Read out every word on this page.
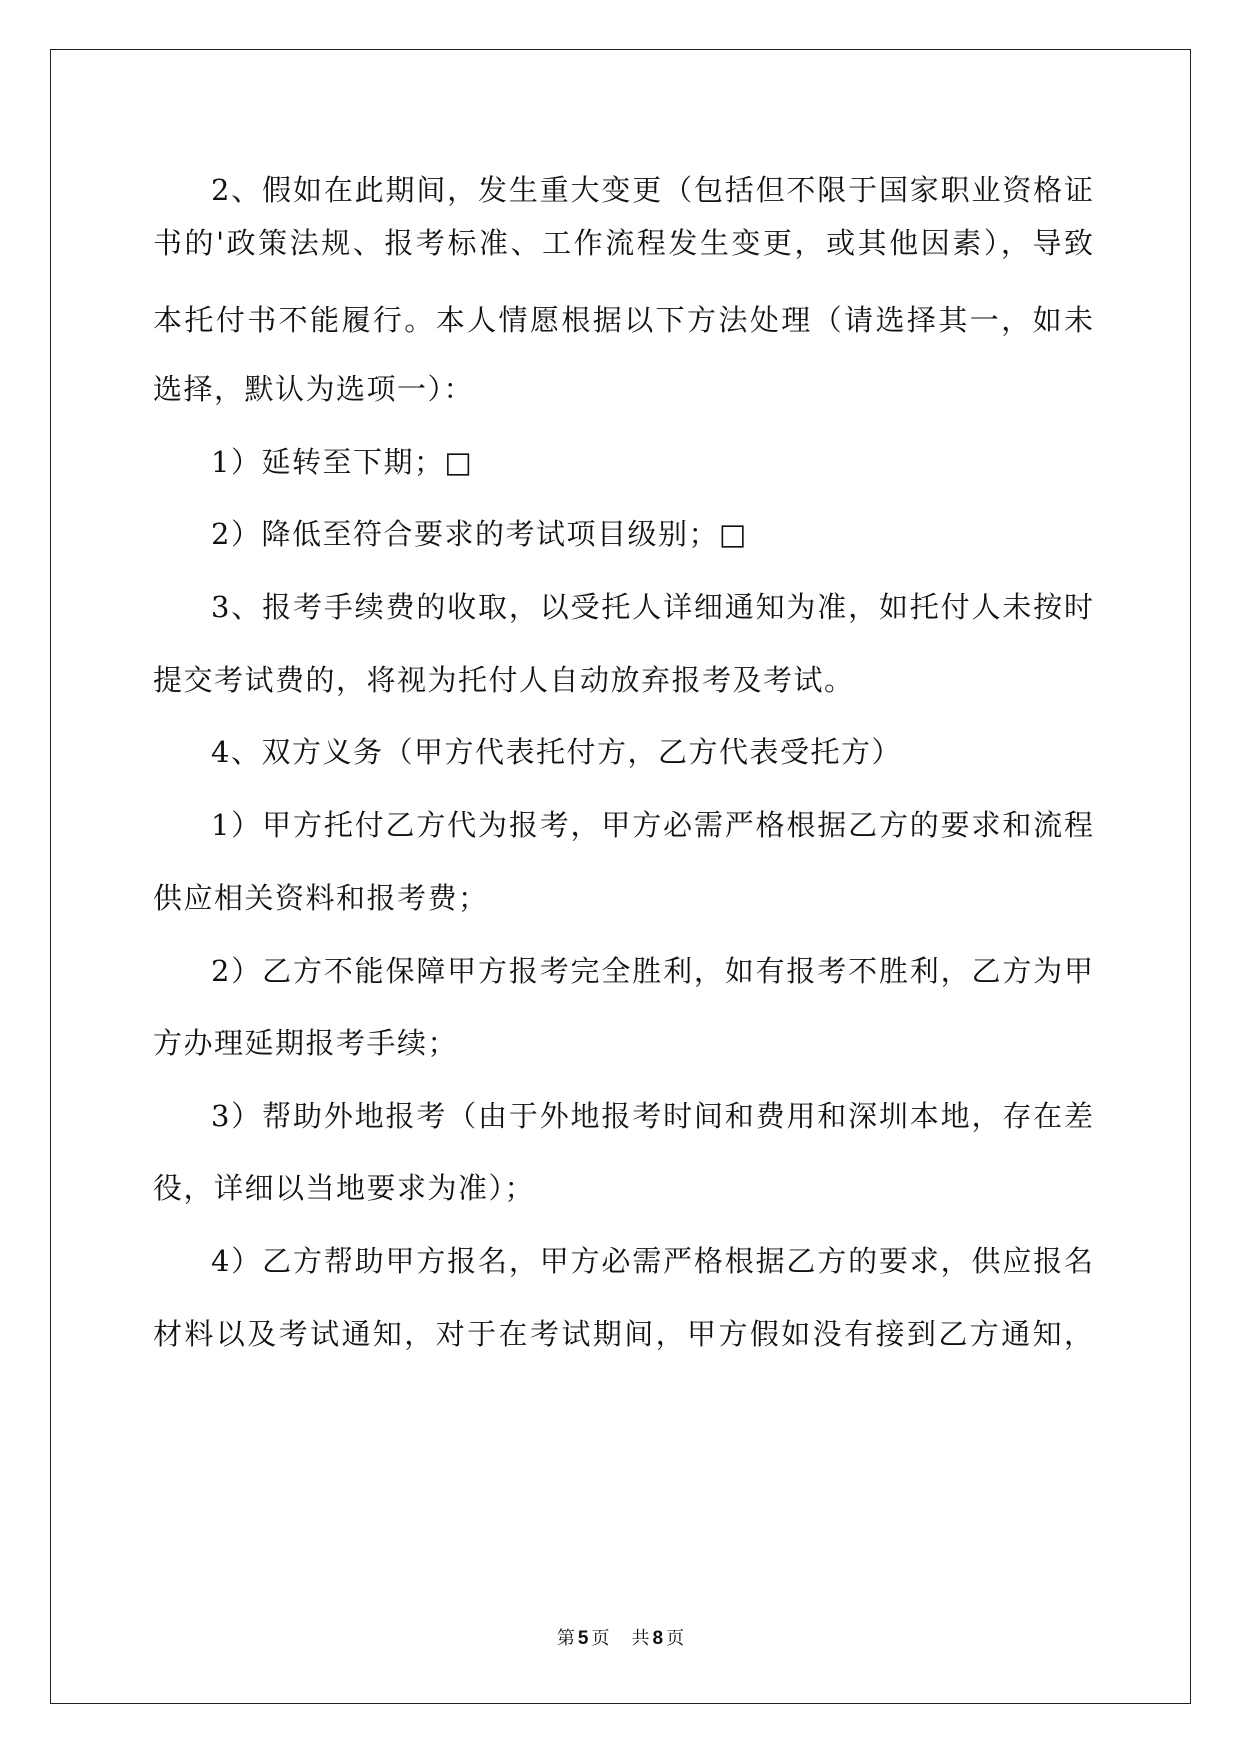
2、假如在此期间，发生重大变更（包括但不限于国家职业资格证
书的'政策法规、报考标准、工作流程发生变更，或其他因素），导致
本托付书不能履行。本人情愿根据以下方法处理（请选择其一，如未
选择，默认为选项一）：
1）延转至下期；□
2）降低至符合要求的考试项目级别；□
3、报考手续费的收取，以受托人详细通知为准，如托付人未按时
提交考试费的，将视为托付人自动放弃报考及考试。
4、双方义务（甲方代表托付方，乙方代表受托方）
1）甲方托付乙方代为报考，甲方必需严格根据乙方的要求和流程
供应相关资料和报考费；
2）乙方不能保障甲方报考完全胜利，如有报考不胜利，乙方为甲
方办理延期报考手续；
3）帮助外地报考（由于外地报考时间和费用和深圳本地，存在差
役，详细以当地要求为准）；
4）乙方帮助甲方报名，甲方必需严格根据乙方的要求，供应报名
材料以及考试通知，对于在考试期间，甲方假如没有接到乙方通知，
第 5 页 共 8 页
